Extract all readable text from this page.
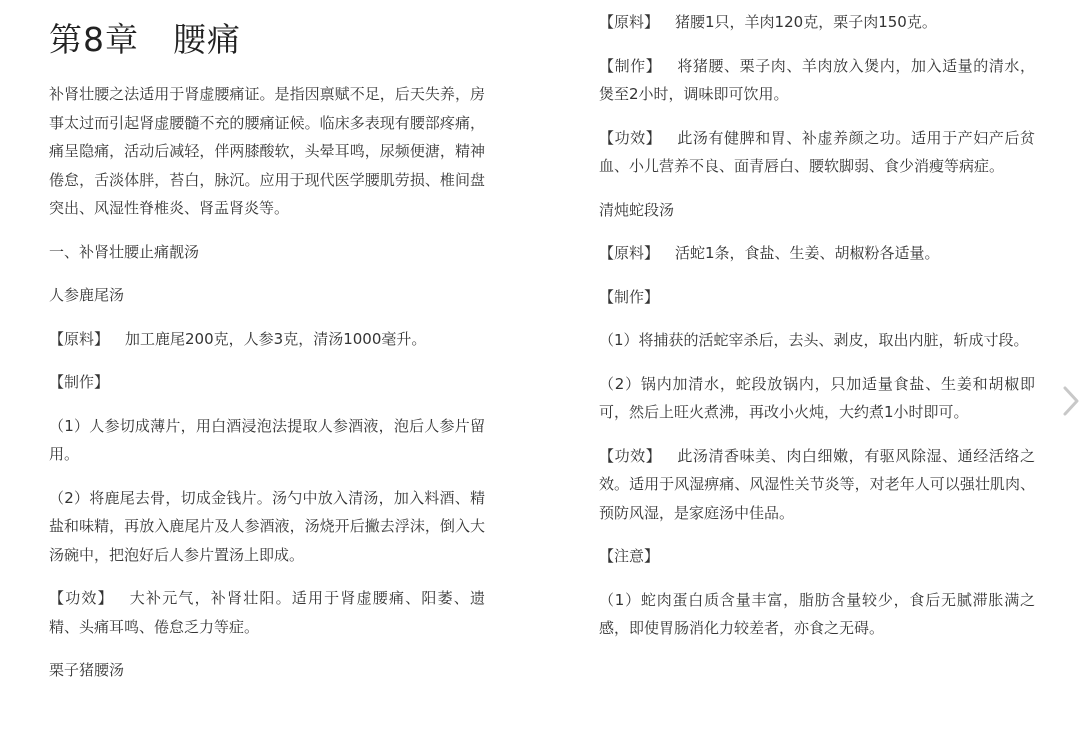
第8章　腰痛

补肾壮腰之法适用于肾虚腰痛证。是指因禀赋不足，后天失养，房事太过而引起肾虚腰髓不充的腰痛证候。临床多表现有腰部疼痛，痛呈隐痛，活动后减轻，伴两膝酸软，头晕耳鸣，尿频便溏，精神倦怠，舌淡体胖，苔白，脉沉。应用于现代医学腰肌劳损、椎间盘突出、风湿性脊椎炎、肾盂肾炎等。

一、补肾壮腰止痛靓汤

人参鹿尾汤

【原料】 加工鹿尾200克，人参3克，清汤1000毫升。

【制作】

（1）人参切成薄片，用白酒浸泡法提取人参酒液，泡后人参片留用。

（2）将鹿尾去骨，切成金钱片。汤勺中放入清汤，加入料酒、精盐和味精，再放入鹿尾片及人参酒液，汤烧开后撇去浮沫，倒入大汤碗中，把泡好后人参片置汤上即成。

【功效】 大补元气，补肾壮阳。适用于肾虚腰痛、阳萎、遗精、头痛耳鸣、倦怠乏力等症。

栗子猪腰汤

【原料】 猪腰1只，羊肉120克，栗子肉150克。

【制作】 将猪腰、栗子肉、羊肉放入煲内，加入适量的清水，煲至2小时，调味即可饮用。

【功效】 此汤有健脾和胃、补虚养颜之功。适用于产妇产后贫血、小儿营养不良、面青唇白、腰软脚弱、食少消瘦等病症。

清炖蛇段汤

【原料】 活蛇1条，食盐、生姜、胡椒粉各适量。

【制作】

（1）将捕获的活蛇宰杀后，去头、剥皮，取出内脏，斩成寸段。

（2）锅内加清水，蛇段放锅内，只加适量食盐、生姜和胡椒即可，然后上旺火煮沸，再改小火炖，大约煮1小时即可。

【功效】 此汤清香味美、肉白细嫩，有驱风除湿、通经活络之效。适用于风湿痹痛、风湿性关节炎等，对老年人可以强壮肌肉、预防风湿，是家庭汤中佳品。

【注意】

（1）蛇肉蛋白质含量丰富，脂肪含量较少，食后无腻滞胀满之感，即使胃肠消化力较差者，亦食之无碍。
